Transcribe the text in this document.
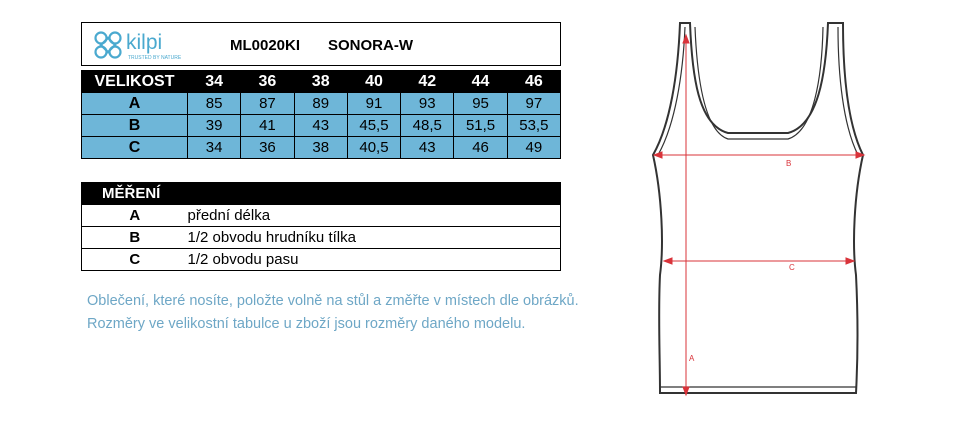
kilpi
TRUSTED BY NATURE
ML0020KI SONORA-W
VELIKOST	34	36	38	40	42	44	46
A	85	87	89	91	93	95	97
B	39	41	43	45,5	48,5	51,5	53,5
C	34	36	38	40,5	43	46	49
MĚŘENÍ	
A	přední délka
B	1/2 obvodu hrudníku tílka
C	1/2 obvodu pasu
Oblečení, které nosíte, položte volně na stůl a změřte v místech dle obrázků.
Rozměry ve velikostní tabulce u zboží jsou rozměry daného modelu.
B
C
A
